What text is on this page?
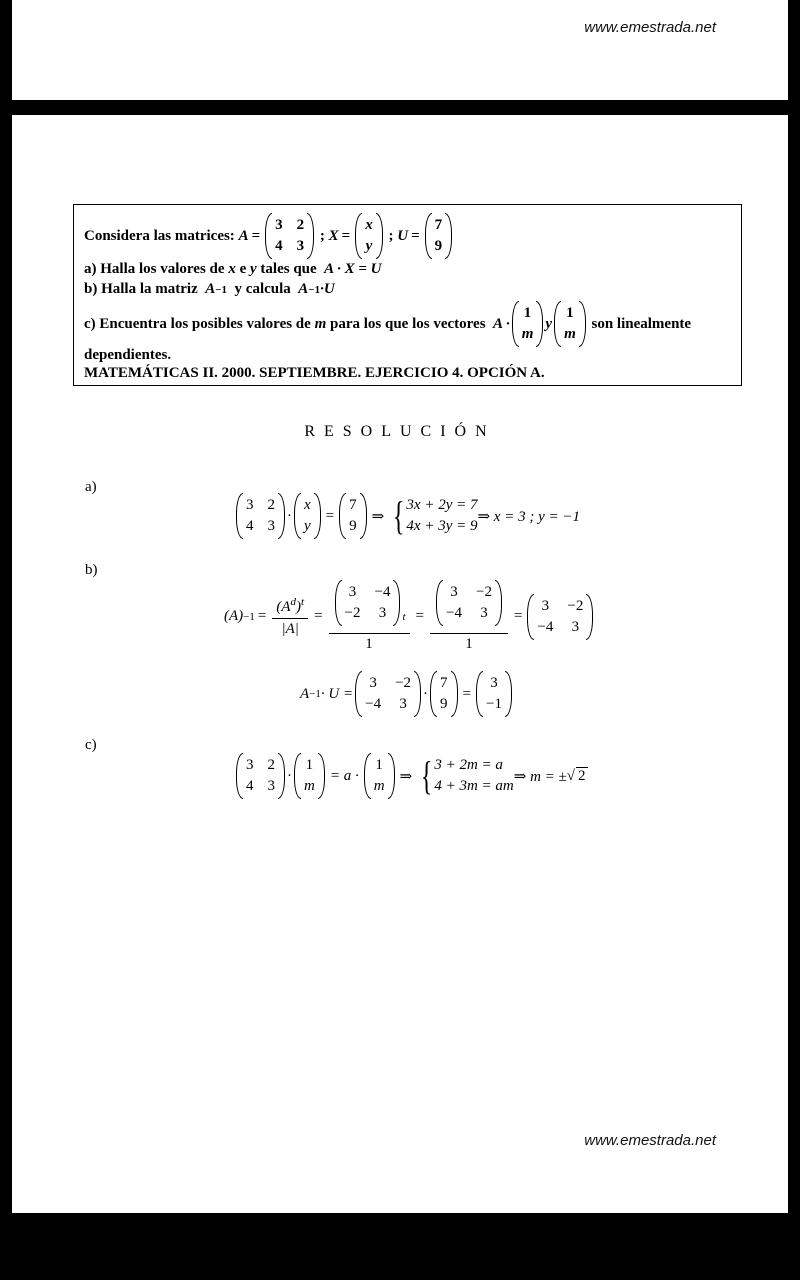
www.emestrada.net
Considera las matrices:
A =
3 2
4 3
; X =
x
y
; U =
7
9
a) Halla los valores de
x
e
y
tales que
A · X = U
b) Halla la matriz
A −1
y calcula
A −1 ·U
c) Encuentra los posibles valores de
m
para los que los vectores
A ·
1
m
y
1
m

son linealmente
dependientes.
MATEMÁTICAS II. 2000. SEPTIEMBRE. EJERCICIO 4. OPCIÓN A.
RESOLUCIÓN
a)
3 2
4 3
·
x
y
=
7
9
⇒ { 3x + 2y = 7
4x + 3y = 9
⇒ x = 3 ; y = −1
b)
$(A) -1 = \frac{(A^d)^t}{|A|} = 3 -4$
−2 3	$^t$
1 = 3 −2
−4 3
1 =
3 −2
−4 3
A −1 · U =
3 −2
−4 3
·
7
9
=
3
−1
c)
3 2
4 3
·
1
m
= a ·
1
m
⇒ { 3 + 2m = a
4 + 3m = am
⇒ m = ± √ 2
www.emestrada.net
